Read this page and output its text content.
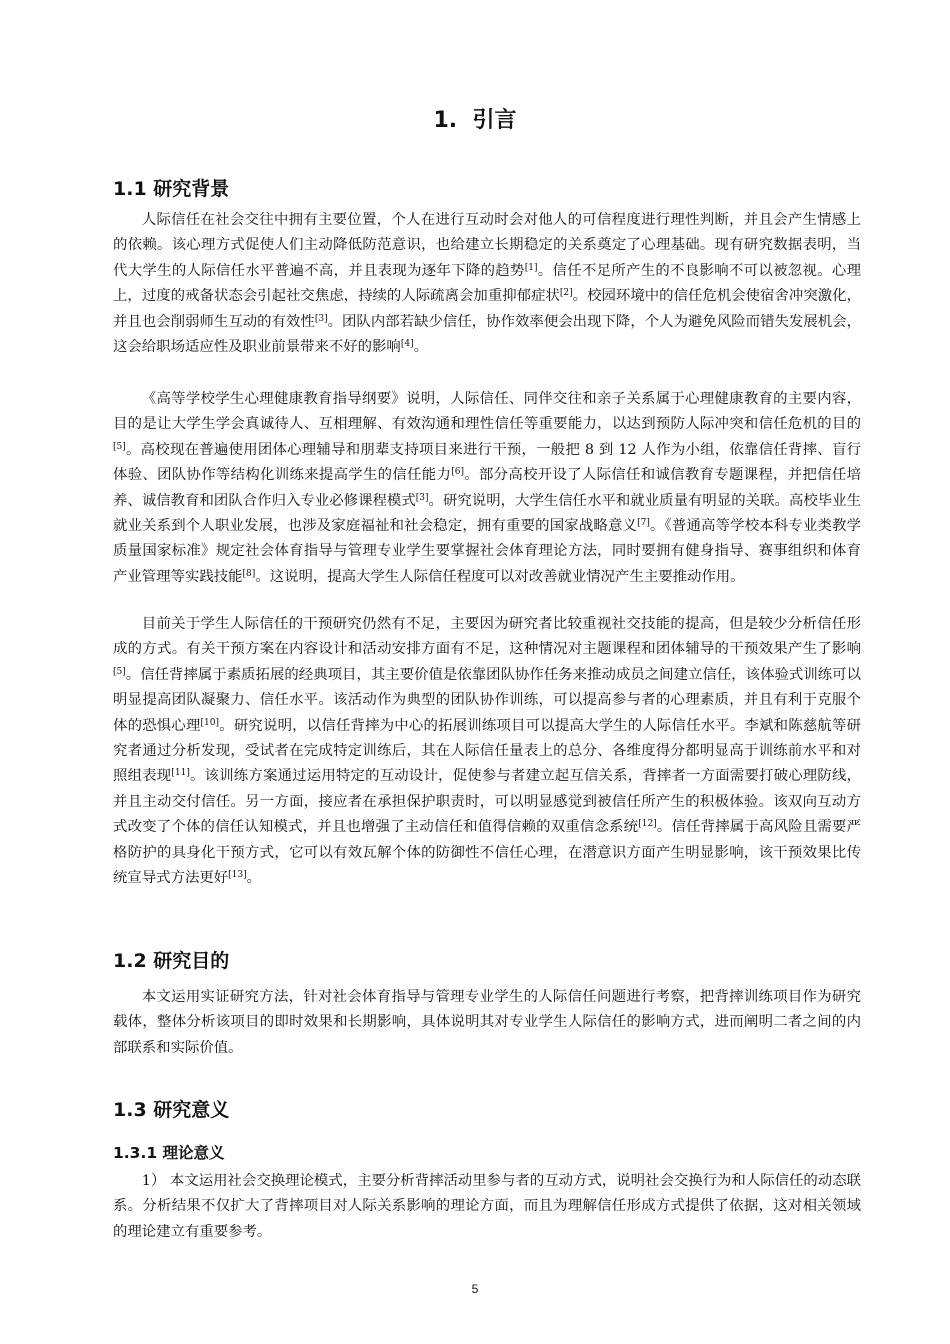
1. 引言
1.1 研究背景

人际信任在社会交往中拥有主要位置，个人在进行互动时会对他人的可信程度进行理性判断，并且会产生情感上的依赖。该心理方式促使人们主动降低防范意识，也给建立长期稳定的关系奠定了心理基础。现有研究数据表明，当代大学生的人际信任水平普遍不高，并且表现为逐年下降的趋势[1]。信任不足所产生的不良影响不可以被忽视。心理上，过度的戒备状态会引起社交焦虑，持续的人际疏离会加重抑郁症状[2]。校园环境中的信任危机会使宿舍冲突激化，并且也会削弱师生互动的有效性[3]。团队内部若缺少信任，协作效率便会出现下降，个人为避免风险而错失发展机会，这会给职场适应性及职业前景带来不好的影响[4]。

《高等学校学生心理健康教育指导纲要》说明，人际信任、同伴交往和亲子关系属于心理健康教育的主要内容，目的是让大学生学会真诚待人、互相理解、有效沟通和理性信任等重要能力，以达到预防人际冲突和信任危机的目的[5]。高校现在普遍使用团体心理辅导和朋辈支持项目来进行干预，一般把 8 到 12 人作为小组，依靠信任背摔、盲行体验、团队协作等结构化训练来提高学生的信任能力[6]。部分高校开设了人际信任和诚信教育专题课程，并把信任培养、诚信教育和团队合作归入专业必修课程模式[3]。研究说明，大学生信任水平和就业质量有明显的关联。高校毕业生就业关系到个人职业发展，也涉及家庭福祉和社会稳定，拥有重要的国家战略意义[7]。《普通高等学校本科专业类教学质量国家标准》规定社会体育指导与管理专业学生要掌握社会体育理论方法，同时要拥有健身指导、赛事组织和体育产业管理等实践技能[8]。这说明，提高大学生人际信任程度可以对改善就业情况产生主要推动作用。

目前关于学生人际信任的干预研究仍然有不足，主要因为研究者比较重视社交技能的提高，但是较少分析信任形成的方式。有关干预方案在内容设计和活动安排方面有不足，这种情况对主题课程和团体辅导的干预效果产生了影响[5]。信任背摔属于素质拓展的经典项目，其主要价值是依靠团队协作任务来推动成员之间建立信任，该体验式训练可以明显提高团队凝聚力、信任水平。该活动作为典型的团队协作训练，可以提高参与者的心理素质，并且有利于克服个体的恐惧心理[10]。研究说明，以信任背摔为中心的拓展训练项目可以提高大学生的人际信任水平。李斌和陈慈航等研究者通过分析发现，受试者在完成特定训练后，其在人际信任量表上的总分、各维度得分都明显高于训练前水平和对照组表现[11]。该训练方案通过运用特定的互动设计，促使参与者建立起互信关系，背摔者一方面需要打破心理防线，并且主动交付信任。另一方面，接应者在承担保护职责时，可以明显感觉到被信任所产生的积极体验。该双向互动方式改变了个体的信任认知模式，并且也增强了主动信任和值得信赖的双重信念系统[12]。信任背摔属于高风险且需要严格防护的具身化干预方式，它可以有效瓦解个体的防御性不信任心理，在潜意识方面产生明显影响，该干预效果比传统宣导式方法更好[13]。

1.2 研究目的

本文运用实证研究方法，针对社会体育指导与管理专业学生的人际信任问题进行考察，把背摔训练项目作为研究载体，整体分析该项目的即时效果和长期影响，具体说明其对专业学生人际信任的影响方式，进而阐明二者之间的内部联系和实际价值。

1.3 研究意义
1.3.1 理论意义

1） 本文运用社会交换理论模式，主要分析背摔活动里参与者的互动方式，说明社会交换行为和人际信任的动态联系。分析结果不仅扩大了背摔项目对人际关系影响的理论方面，而且为理解信任形成方式提供了依据，这对相关领域的理论建立有重要参考。

5
